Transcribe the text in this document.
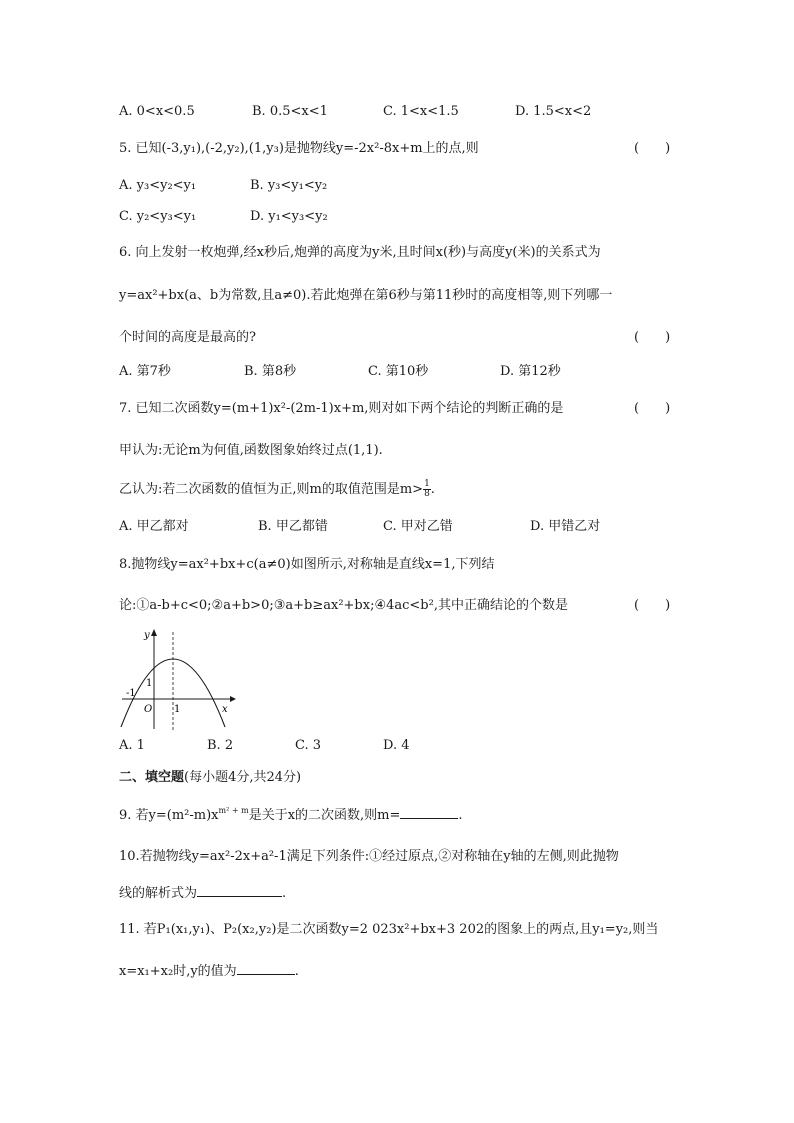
A. 0<x<0.5	B. 0.5<x<1	C. 1<x<1.5	D. 1.5<x<2
5. 已知(-3,y₁),(-2,y₂),(1,y₃)是抛物线y=-2x²-8x+m上的点,则	(　　)
A. y₃<y₂<y₁	B. y₃<y₁<y₂
C. y₂<y₃<y₁	D. y₁<y₃<y₂
6. 向上发射一枚炮弹,经x秒后,炮弹的高度为y米,且时间x(秒)与高度y(米)的关系式为
y=ax²+bx(a、b为常数,且a≠0).若此炮弹在第6秒与第11秒时的高度相等,则下列哪一
个时间的高度是最高的?	(　　)
A. 第7秒	B. 第8秒	C. 第10秒	D. 第12秒
7. 已知二次函数y=(m+1)x²-(2m-1)x+m,则对如下两个结论的判断正确的是	(　　)
甲认为:无论m为何值,函数图象始终过点(1,1).
乙认为:若二次函数的值恒为正,则m的取值范围是$m> \frac{1}{8}$ .
A. 甲乙都对	B. 甲乙都错	C. 甲对乙错	D. 甲错乙对
8.抛物线y=ax²+bx+c(a≠0)如图所示,对称轴是直线x=1,下列结
论:①a-b+c<0;②a+b>0;③a+b≥ax²+bx;④4ac<b²,其中正确结论的个数是	(　　)
y
x
O
-1
1
1
A. 1	B. 2	C. 3	D. 4
二、填空题(每小题4分,共24分)
9. 若$y=(m^2-m)x^{m^2 + m}$是关于x的二次函数,则m=	.
10.若抛物线y=ax²-2x+a²-1满足下列条件:①经过原点,②对称轴在y轴的左侧,则此抛物
线的解析式为	.
11. 若P₁(x₁,y₁)、P₂(x₂,y₂)是二次函数y=2 023x²+bx+3 202的图象上的两点,且y₁=y₂,则当
x=x₁+x₂时,y的值为	.
